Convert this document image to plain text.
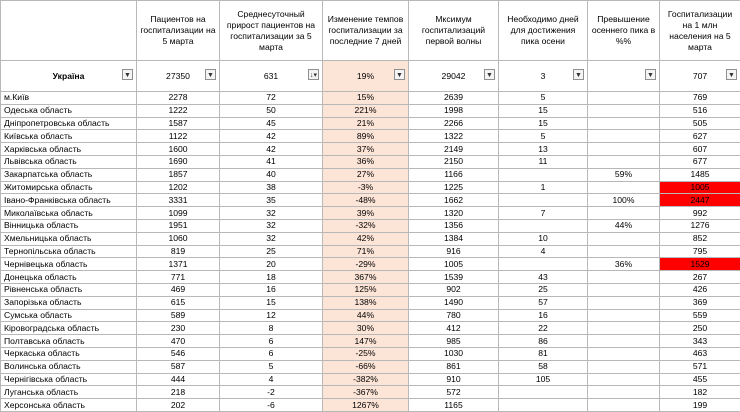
	Пациентов на госпитализации на 5 марта	Среднесуточный прирост пациентов на госпитализации за 5 марта	Изменение темпов госпитализации за последние 7 дней	Мксимум госпитализаций первой волны	Необходимо дней для достижения пика осени	Превышение осеннего пика в %%	Госпитализации на 1 млн населения на 5 марта
Україна ▼	27350 ▼	631 ↓▾	19% ▼	29042 ▼	3 ▼	▼	707 ▼

м.Київ	2278	72	15%	2639	5		769
Одеська область	1222	50	221%	1998	15		516
Дніпропетровська область	1587	45	21%	2266	15		505
Київська область	1122	42	89%	1322	5		627
Харківська область	1600	42	37%	2149	13		607
Львівська область	1690	41	36%	2150	11		677
Закарпатська область	1857	40	27%	1166		59%	1485
Житомирська область	1202	38	-3%	1225	1		1005
Івано-Франківська область	3331	35	-48%	1662		100%	2447
Миколаївська область	1099	32	39%	1320	7		992
Вінницька область	1951	32	-32%	1356		44%	1276
Хмельницька область	1060	32	42%	1384	10		852
Тернопільська область	819	25	71%	916	4		795
Чернівецька область	1371	20	-29%	1005		36%	1529
Донецька область	771	18	367%	1539	43		267
Рівненська область	469	16	125%	902	25		426
Запорізька область	615	15	138%	1490	57		369
Сумська область	589	12	44%	780	16		559
Кіровоградська область	230	8	30%	412	22		250
Полтавська область	470	6	147%	985	86		343
Черкаська область	546	6	-25%	1030	81		463
Волинська область	587	5	-66%	861	58		571
Чернігівська область	444	4	-382%	910	105		455
Луганська область	218	-2	-367%	572			182
Херсонська область	202	-6	1267%	1165			199
